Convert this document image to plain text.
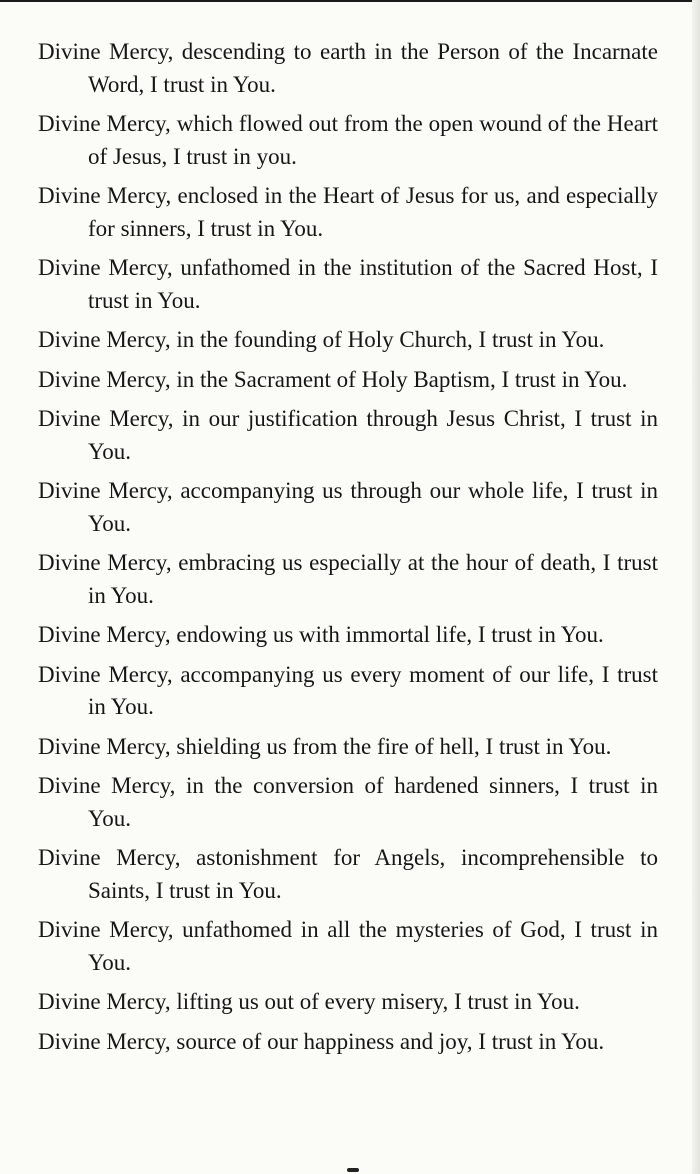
Divine Mercy, descending to earth in the Person of the Incarnate Word, I trust in You.

Divine Mercy, which flowed out from the open wound of the Heart of Jesus, I trust in you.

Divine Mercy, enclosed in the Heart of Jesus for us, and especially for sinners, I trust in You.

Divine Mercy, unfathomed in the institution of the Sacred Host, I trust in You.

Divine Mercy, in the founding of Holy Church, I trust in You.

Divine Mercy, in the Sacrament of Holy Baptism, I trust in You.

Divine Mercy, in our justification through Jesus Christ, I trust in You.

Divine Mercy, accompanying us through our whole life, I trust in You.

Divine Mercy, embracing us especially at the hour of death, I trust in You.

Divine Mercy, endowing us with immortal life, I trust in You.

Divine Mercy, accompanying us every moment of our life, I trust in You.

Divine Mercy, shielding us from the fire of hell, I trust in You.

Divine Mercy, in the conversion of hardened sinners, I trust in You.

Divine Mercy, astonishment for Angels, incomprehensible to Saints, I trust in You.

Divine Mercy, unfathomed in all the mysteries of God, I trust in You.

Divine Mercy, lifting us out of every misery, I trust in You.

Divine Mercy, source of our happiness and joy, I trust in You.
